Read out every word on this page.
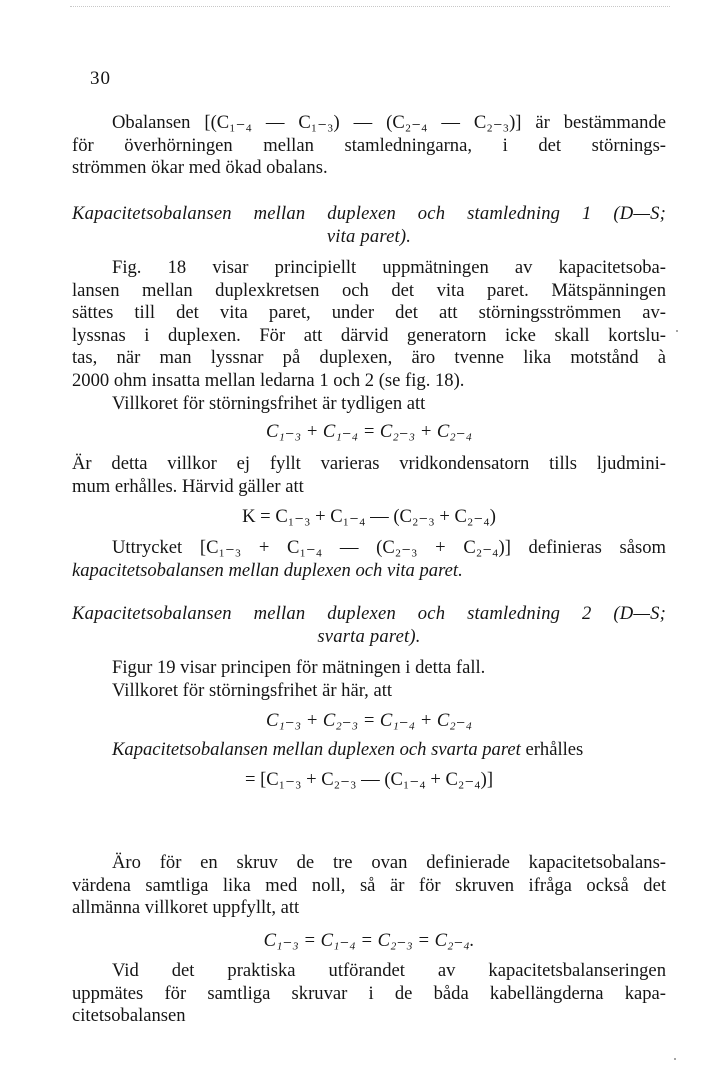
30
Obalansen [(C₁₋₄ — C₁₋₃) — (C₂₋₄ — C₂₋₃)] är bestämmande
för överhörningen mellan stamledningarna, i det störnings-
strömmen ökar med ökad obalans.
Kapacitetsobalansen mellan duplexen och stamledning 1 (D—S;
vita paret).
Fig. 18 visar principiellt uppmätningen av kapacitetsoba-
lansen mellan duplexkretsen och det vita paret. Mätspänningen
sättes till det vita paret, under det att störningsströmmen av-
lyssnas i duplexen. För att därvid generatorn icke skall kortslu-
tas, när man lyssnar på duplexen, äro tvenne lika motstånd à
2000 ohm insatta mellan ledarna 1 och 2 (se fig. 18).
Villkoret för störningsfrihet är tydligen att
C₁₋₃ + C₁₋₄ = C₂₋₃ + C₂₋₄
Är detta villkor ej fyllt varieras vridkondensatorn tills ljudmini-
mum erhålles. Härvid gäller att
K = C₁₋₃ + C₁₋₄ — (C₂₋₃ + C₂₋₄)
Uttrycket [C₁₋₃ + C₁₋₄ — (C₂₋₃ + C₂₋₄)] definieras såsom
kapacitetsobalansen mellan duplexen och vita paret.
Kapacitetsobalansen mellan duplexen och stamledning 2 (D—S;
svarta paret).
Figur 19 visar principen för mätningen i detta fall.
Villkoret för störningsfrihet är här, att
C₁₋₃ + C₂₋₃ = C₁₋₄ + C₂₋₄
Kapacitetsobalansen mellan duplexen och svarta paret erhålles
= [C₁₋₃ + C₂₋₃ — (C₁₋₄ + C₂₋₄)]
Äro för en skruv de tre ovan definierade kapacitetsobalans-
värdena samtliga lika med noll, så är för skruven ifråga också det
allmänna villkoret uppfyllt, att
C₁₋₃ = C₁₋₄ = C₂₋₃ = C₂₋₄.
Vid det praktiska utförandet av kapacitetsbalanseringen
uppmätes för samtliga skruvar i de båda kabellängderna kapa-
citetsobalansen
